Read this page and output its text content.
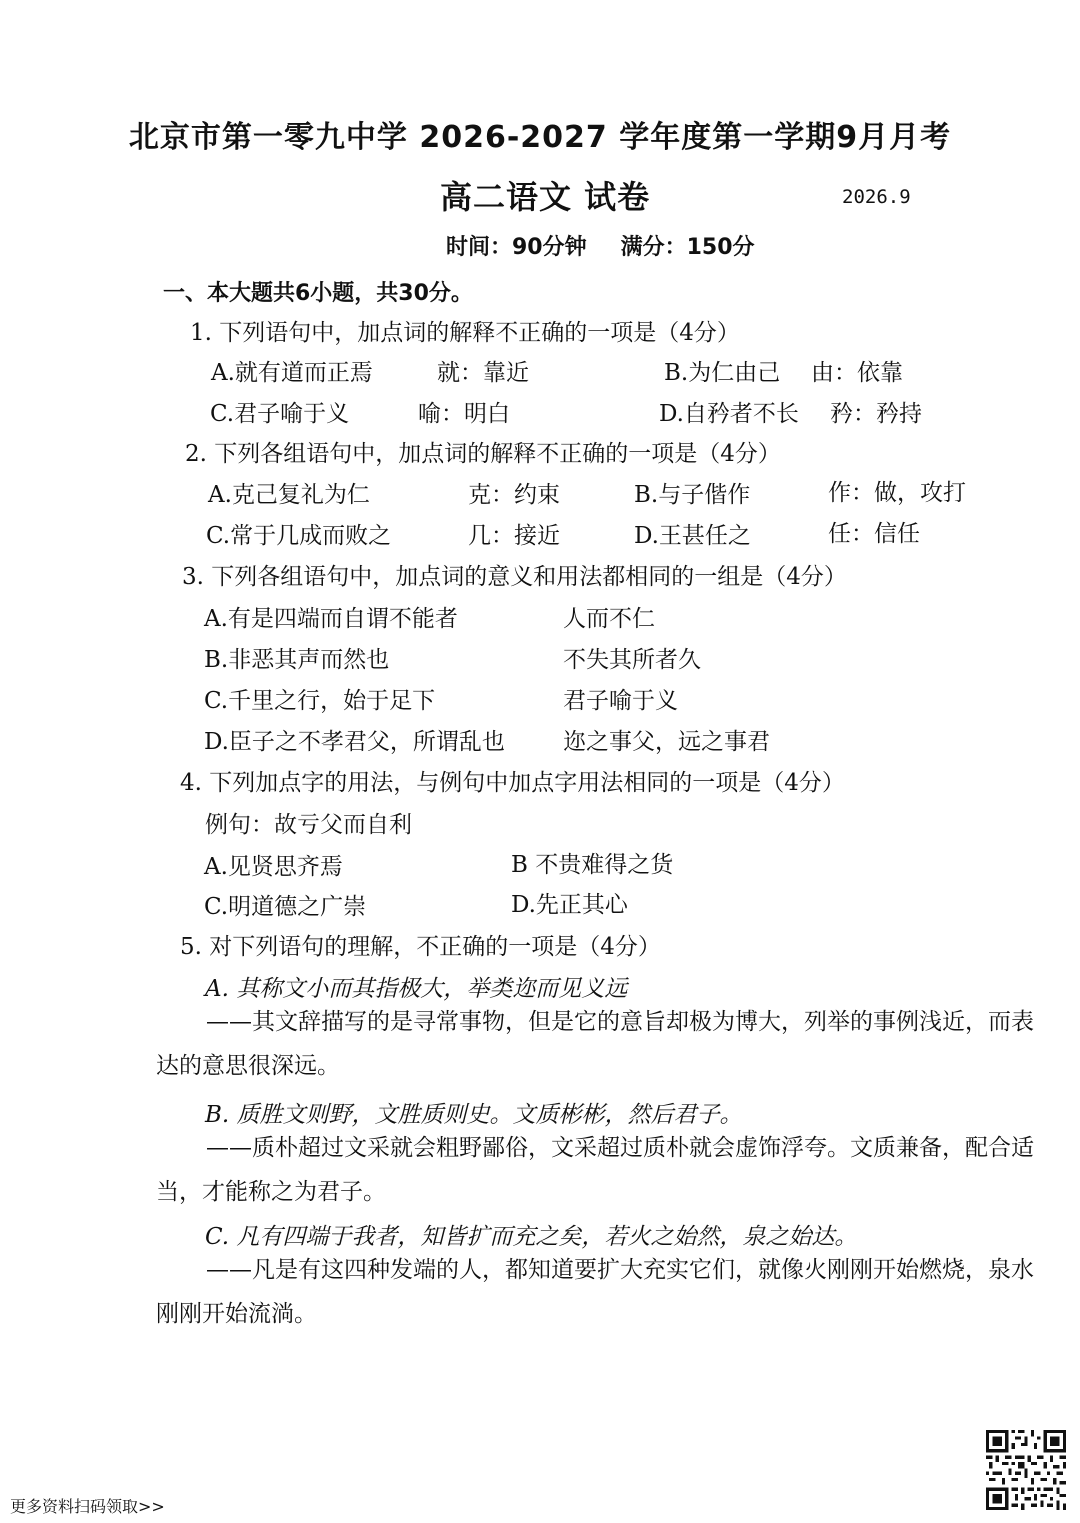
北京市第一零九中学 2026-2027 学年度第一学期9月月考
高二语文 试卷	2026.9
时间：90分钟 满分：150分
一、本大题共6小题，共30分。
1. 下列语句中，加点词的解释不正确的一项是（4分）
A.就有道而正焉	就：靠近	B.为仁由己 由：依靠
C.君子喻于义	喻：明白	D.自矜者不长 矜：矜持
2. 下列各组语句中，加点词的解释不正确的一项是（4分）
A.克己复礼为仁	克：约束	B.与子偕作	作：做，攻打
C.常于几成而败之	几：接近	D.王甚任之	任：信任
3. 下列各组语句中，加点词的意义和用法都相同的一组是（4分）
A.有是四端而自谓不能者	人而不仁
B.非恶其声而然也	不失其所者久
C.千里之行，始于足下	君子喻于义
D.臣子之不孝君父，所谓乱也	迩之事父，远之事君
4. 下列加点字的用法，与例句中加点字用法相同的一项是（4分）
例句：故亏父而自利
A.见贤思齐焉	B 不贵难得之货
C.明道德之广崇	D.先正其心
5. 对下列语句的理解，不正确的一项是（4分）
A. 其称文小而其指极大，举类迩而见义远
——其文辞描写的是寻常事物，但是它的意旨却极为博大，列举的事例浅近，而表达的意思很深远。
B. 质胜文则野，文胜质则史。文质彬彬，然后君子。
——质朴超过文采就会粗野鄙俗，文采超过质朴就会虚饰浮夸。文质兼备，配合适当，才能称之为君子。
C. 凡有四端于我者，知皆扩而充之矣，若火之始然，泉之始达。
——凡是有这四种发端的人，都知道要扩大充实它们，就像火刚刚开始燃烧，泉水刚刚开始流淌。
更多资料扫码领取>>
